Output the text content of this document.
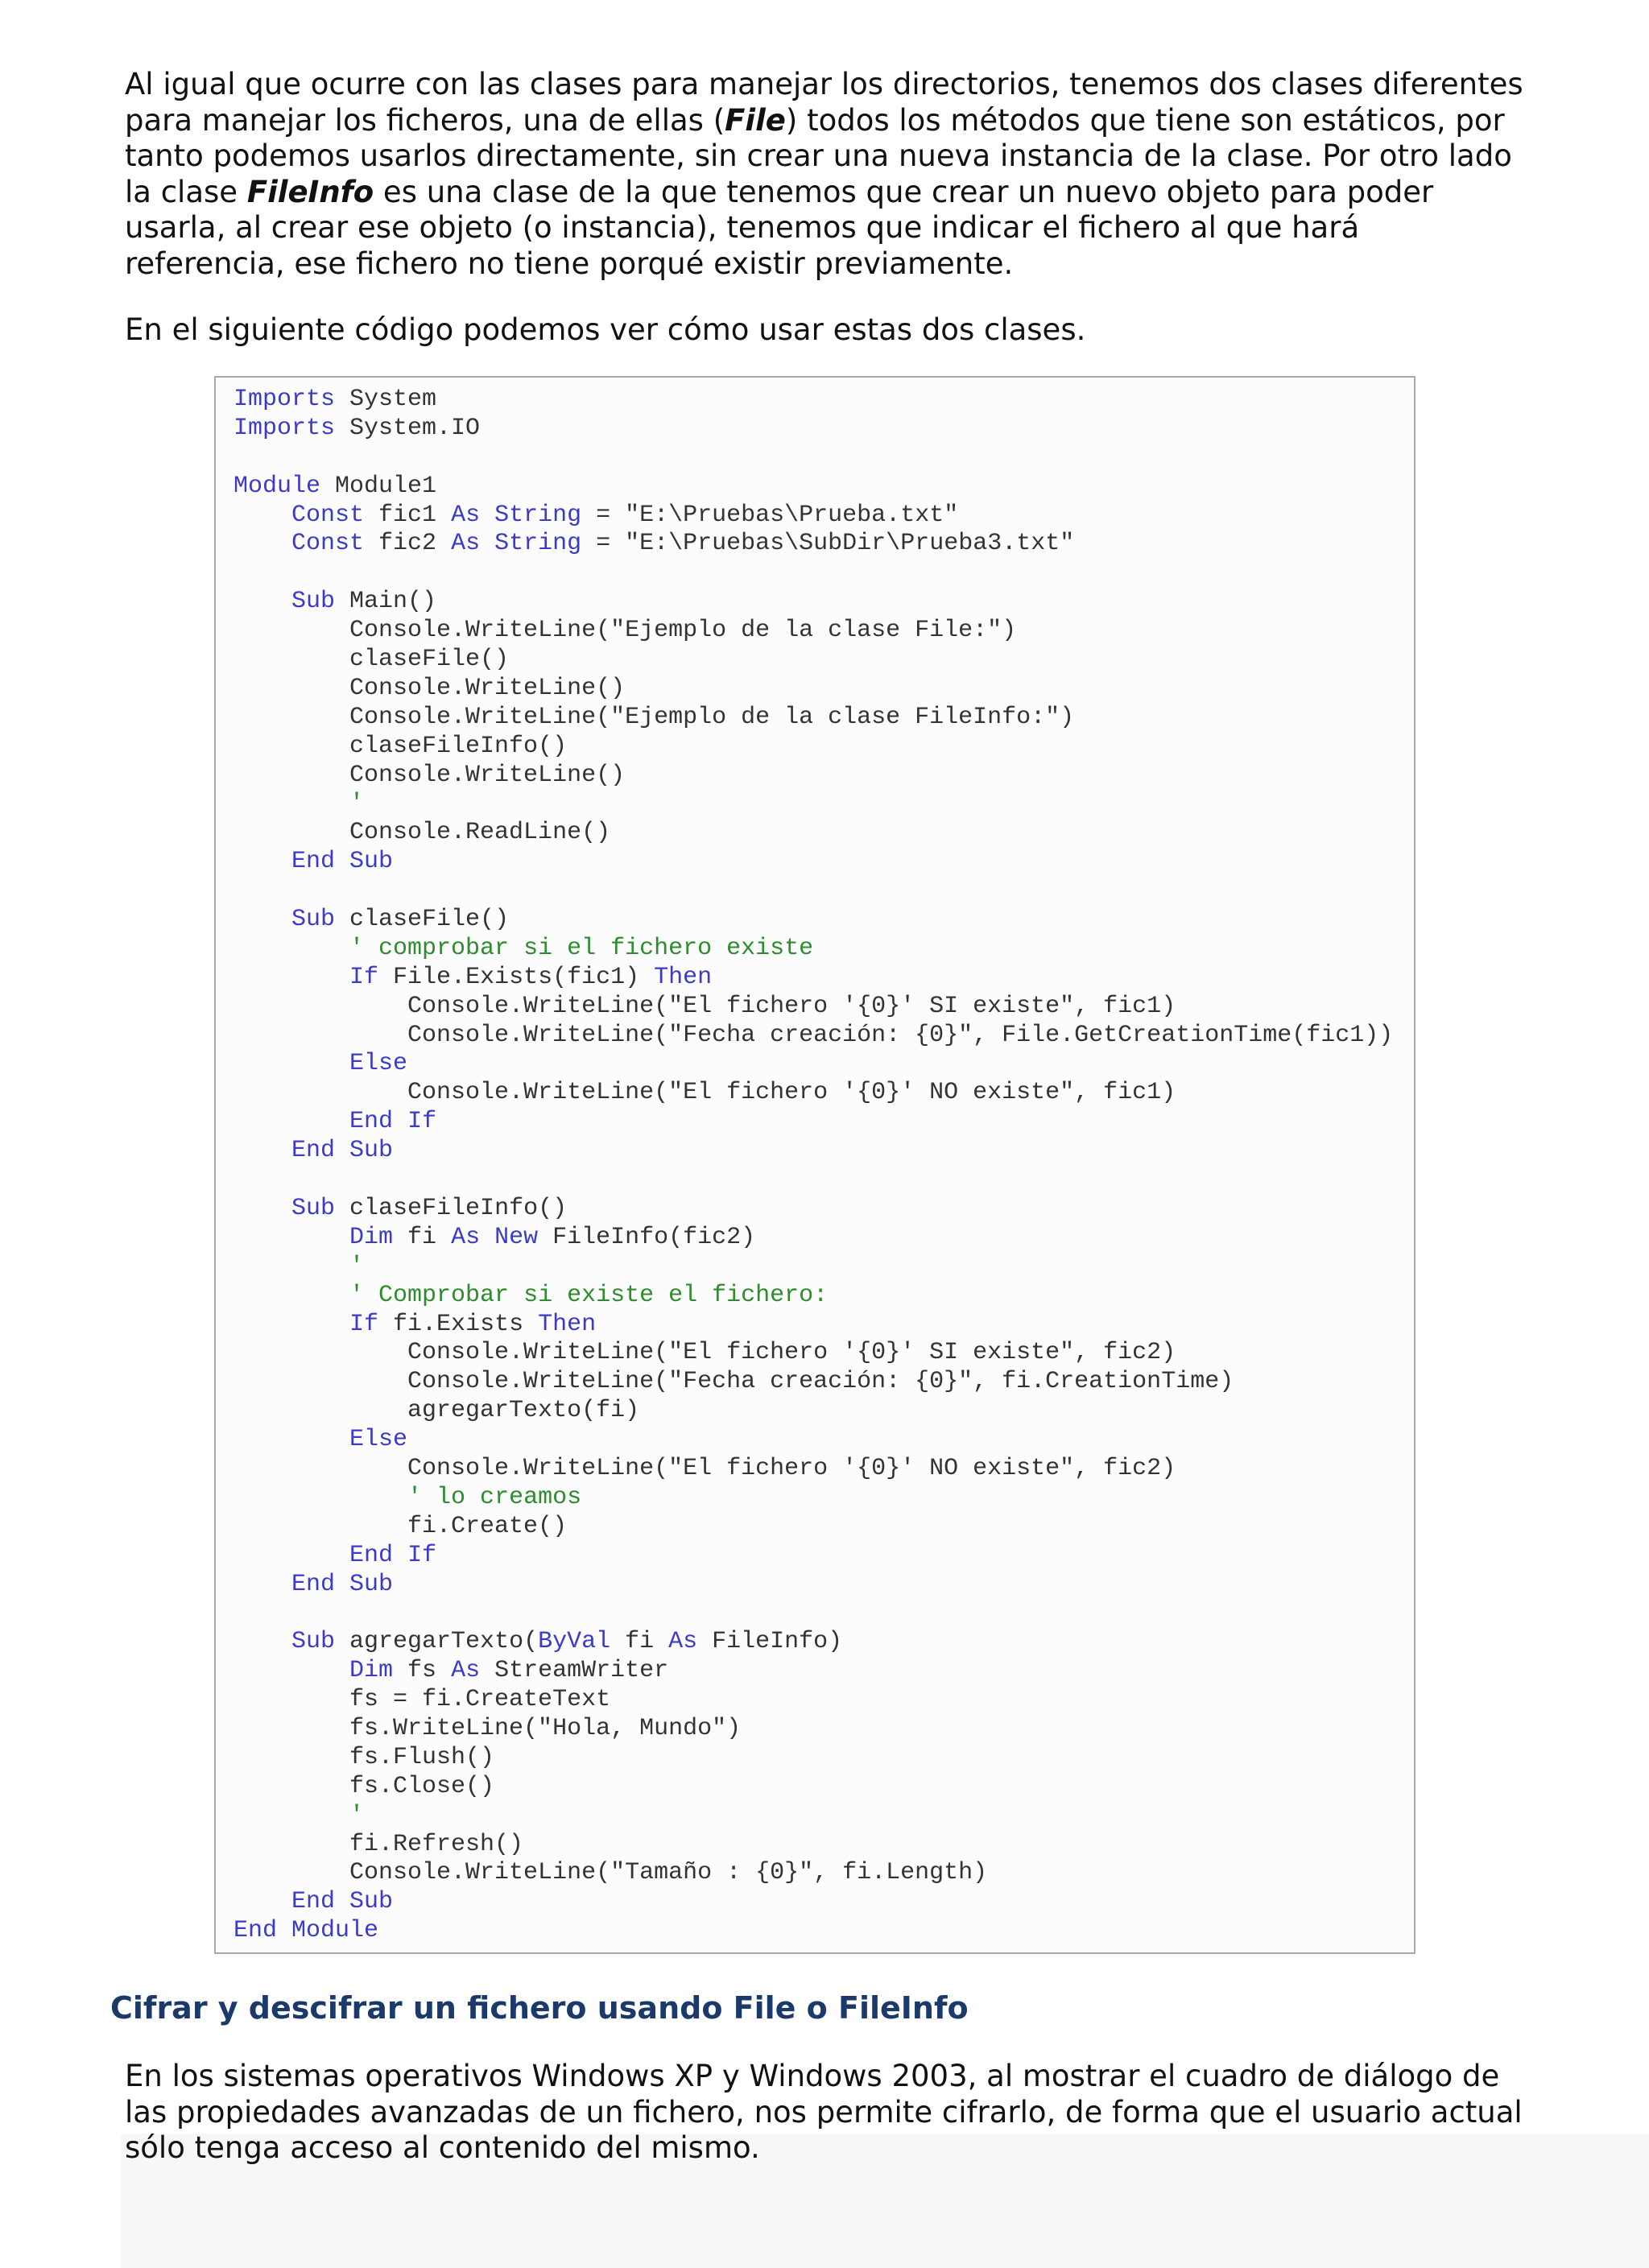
Al igual que ocurre con las clases para manejar los directorios, tenemos dos clases diferentes para manejar los ficheros, una de ellas (File) todos los métodos que tiene son estáticos, por tanto podemos usarlos directamente, sin crear una nueva instancia de la clase. Por otro lado la clase FileInfo es una clase de la que tenemos que crear un nuevo objeto para poder usarla, al crear ese objeto (o instancia), tenemos que indicar el fichero al que hará referencia, ese fichero no tiene porqué existir previamente.

En el siguiente código podemos ver cómo usar estas dos clases.

Imports System
Imports System.IO

Module Module1
Const fic1 As String = "E:\Pruebas\Prueba.txt"
Const fic2 As String = "E:\Pruebas\SubDir\Prueba3.txt"

Sub Main()
Console.WriteLine("Ejemplo de la clase File:")
claseFile()
Console.WriteLine()
Console.WriteLine("Ejemplo de la clase FileInfo:")
claseFileInfo()
Console.WriteLine()
'
Console.ReadLine()
End Sub

Sub claseFile()
' comprobar si el fichero existe
If File.Exists(fic1) Then
Console.WriteLine("El fichero '{0}' SI existe", fic1)
Console.WriteLine("Fecha creación: {0}", File.GetCreationTime(fic1))
Else
Console.WriteLine("El fichero '{0}' NO existe", fic1)
End If
End Sub

Sub claseFileInfo()
Dim fi As New FileInfo(fic2)
'
' Comprobar si existe el fichero:
If fi.Exists Then
Console.WriteLine("El fichero '{0}' SI existe", fic2)
Console.WriteLine("Fecha creación: {0}", fi.CreationTime)
agregarTexto(fi)
Else
Console.WriteLine("El fichero '{0}' NO existe", fic2)
' lo creamos
fi.Create()
End If
End Sub

Sub agregarTexto(ByVal fi As FileInfo)
Dim fs As StreamWriter
fs = fi.CreateText
fs.WriteLine("Hola, Mundo")
fs.Flush()
fs.Close()
'
fi.Refresh()
Console.WriteLine("Tamaño : {0}", fi.Length)
End Sub
End Module
Cifrar y descifrar un fichero usando File o FileInfo

En los sistemas operativos Windows XP y Windows 2003, al mostrar el cuadro de diálogo de las propiedades avanzadas de un fichero, nos permite cifrarlo, de forma que el usuario actual sólo tenga acceso al contenido del mismo.
